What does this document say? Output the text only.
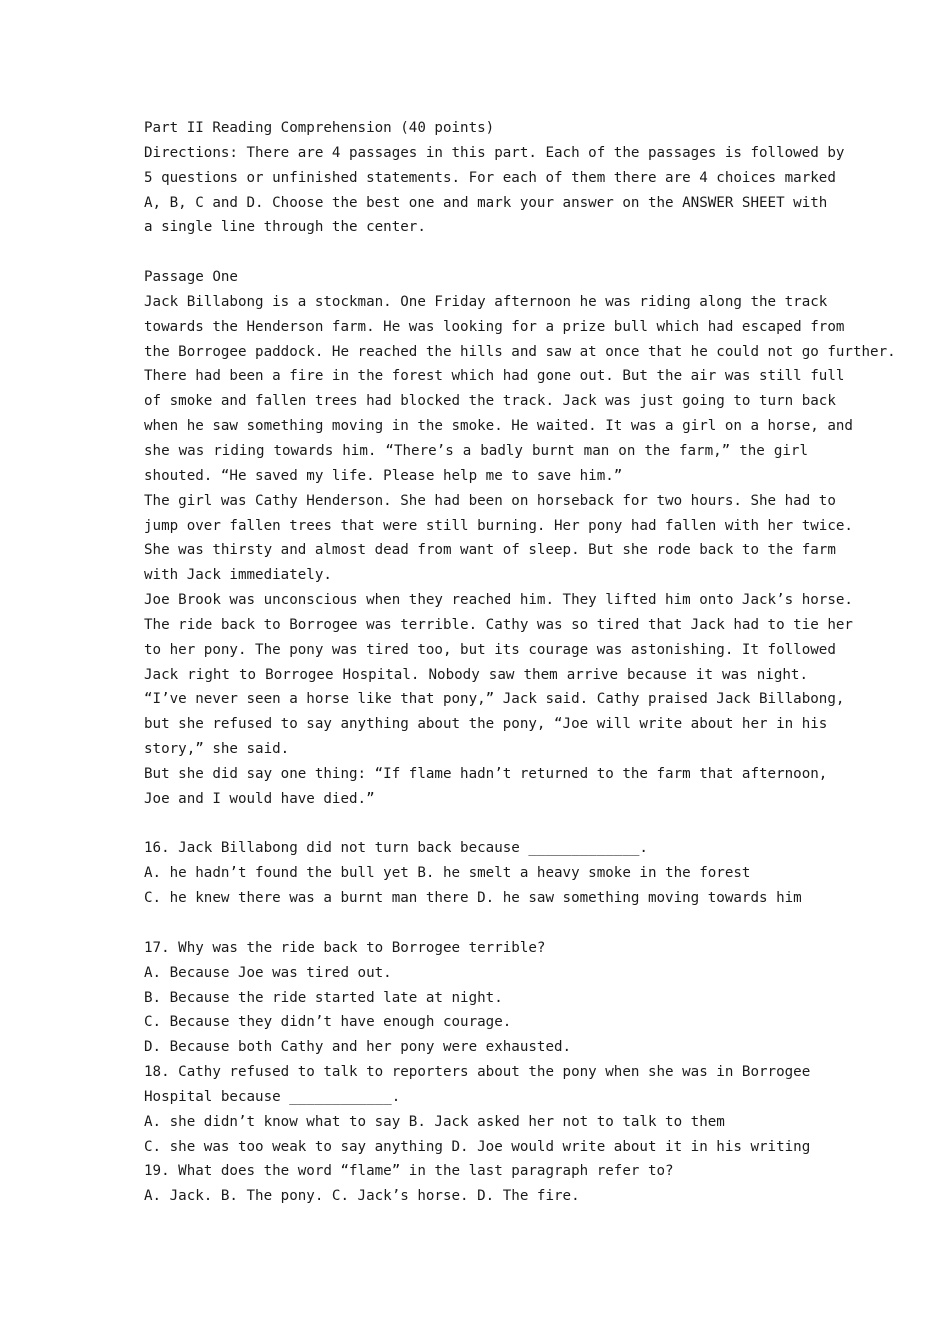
Part II Reading Comprehension (40 points)
Directions: There are 4 passages in this part. Each of the passages is followed by
5 questions or unfinished statements. For each of them there are 4 choices marked
A, B, C and D. Choose the best one and mark your answer on the ANSWER SHEET with
a single line through the center.
Passage One
Jack Billabong is a stockman. One Friday afternoon he was riding along the track
towards the Henderson farm. He was looking for a prize bull which had escaped from
the Borrogee paddock. He reached the hills and saw at once that he could not go further.
There had been a fire in the forest which had gone out. But the air was still full
of smoke and fallen trees had blocked the track. Jack was just going to turn back
when he saw something moving in the smoke. He waited. It was a girl on a horse, and
she was riding towards him. “There’s a badly burnt man on the farm,” the girl
shouted. “He saved my life. Please help me to save him.”
The girl was Cathy Henderson. She had been on horseback for two hours. She had to
jump over fallen trees that were still burning. Her pony had fallen with her twice.
She was thirsty and almost dead from want of sleep. But she rode back to the farm
with Jack immediately.
Joe Brook was unconscious when they reached him. They lifted him onto Jack’s horse.
The ride back to Borrogee was terrible. Cathy was so tired that Jack had to tie her
to her pony. The pony was tired too, but its courage was astonishing. It followed
Jack right to Borrogee Hospital. Nobody saw them arrive because it was night.
“I’ve never seen a horse like that pony,” Jack said. Cathy praised Jack Billabong,
but she refused to say anything about the pony, “Joe will write about her in his
story,” she said.
But she did say one thing: “If flame hadn’t returned to the farm that afternoon,
Joe and I would have died.”
16. Jack Billabong did not turn back because _____________.
A. he hadn’t found the bull yet B. he smelt a heavy smoke in the forest
C. he knew there was a burnt man there D. he saw something moving towards him
17. Why was the ride back to Borrogee terrible?
A. Because Joe was tired out.
B. Because the ride started late at night.
C. Because they didn’t have enough courage.
D. Because both Cathy and her pony were exhausted.
18. Cathy refused to talk to reporters about the pony when she was in Borrogee
Hospital because ____________.
A. she didn’t know what to say B. Jack asked her not to talk to them
C. she was too weak to say anything D. Joe would write about it in his writing
19. What does the word “flame” in the last paragraph refer to?
A. Jack. B. The pony. C. Jack’s horse. D. The fire.
